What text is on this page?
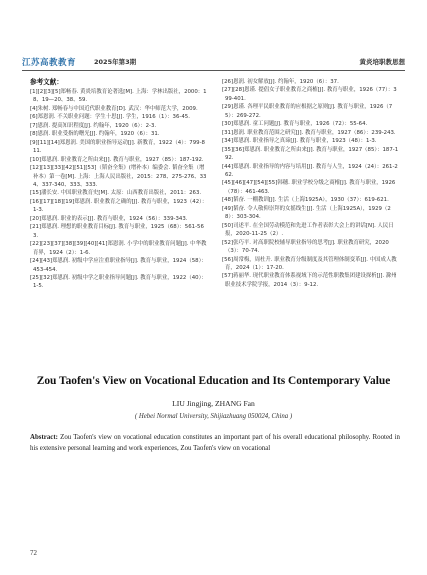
江苏高教教育	2025年第3期	黄炎培职教思想
参考文献：
[1][2][3][5]郑畅春. 黄炎培教育论著选[M]. 上海：学林出版社，2000：18、19—20、38、59.
[4]朱树. 郑畅春与中国近代职业教育[D]. 武汉：华中师范大学，2009.
[6]郑恩润. 不关职业问题：学生十思[J]. 学生，1916（1）：36-45.
[7]恩润. 提高知识程度[J]. 约翰年，1920（6）：2-3.
[8]恩润. 职业受指的曙光[J]. 约翰年，1920（6）：31.
[9][11][14]郑恩润. 美国的职业指导运动[J]. 新教育，1922（4）：799-811.
[10]郑恩润. 职业教育之所由来[J]. 教育与职业，1927（85）：187-192.
[12][13][33][42][51][53]（韬奋全集》(增补本）编委会. 韬奋全集（增补本）第一卷[M]. 上海：上海人民出版社，2015：278、275-276、334、337-340、333、333.
[15]潘长安. 中国职业教育史[M]. 太原：山西教育出版社，2011：263.
[16][17][18][19]郑恩润. 职业教育之确的[J]. 教育与职业，1923（42）：1-3.
[20]郑恩润. 职业的表示[J]. 教育与职业，1924（56）：339-343.
[21]郑恩润. 理想的职业教育目标[J]. 教育与职业，1925（68）：561-563.
[22][23][37][38][39][40][41]郑恩润. 小学中的职业教育问题[J]. 中华教育界，1924（2）：1-6.
[24][43]郑恩润. 初级中学应注重职业指导[J]. 教育与职业，1924（58）：453-454.
[25][32]郑恩润. 初级中学之职业指导问题[J]. 教育与职业，1922（40）：1-5.
[26]恩润. 初女解放[J]. 约翰年，1920（6）：37.
[27][28]恩谨. 提倡女子职业教育之商榷[J]. 教育与职业，1926（77）：399-401.
[29]恩谨. 各理平民职业教育的应根据之原则[J]. 教育与职业，1926（75）：269-272.
[30]郑恩润. 童工问题[J]. 教育与职业，1926（72）：55-64.
[31]恩润. 职业教育范围之研究[J]. 教育与职业，1927（86）：239-243.
[34]郑恩润. 职业指导之真谛[J]. 教育与职业，1923（48）：1-3.
[35][36]郑恩润. 职业教育之所由来[J]. 教育与职业，1927（85）：187-192.
[44]郑恩润. 职业指导的内容与培用[J]. 教育与人生，1924（24）：261-262.
[45][46][47][54][55]韩穗. 职业学校分级之商榷[J]. 教育与职业，1926（78）：461-463.
[48]韬奋. 一棚教训[J]. 生活（上海1925A），1930（37）：619-621.
[49]韬奋. 令人敬仰崇拜的女摇线生[J]. 生活（上海1925A），1929（28）：303-304.
[50]司述平. 在全国劳动模范和先进工作者表彰大会上的讲话[N]. 人民日报，2020-11-25（2）.
[52]张巧平. 对高职院校辅导职业指导的思考[J]. 职业教育研究，2020（3）：70-74.
[56]周常梅，周杜升. 职业教育分级制度及其管理体制变革[J]. 中国成人教育，2024（1）：17-20.
[57]蒋丽华. 现代职业教育体系视域下的示范性职教集团建设探析[J]. 滁州职业技术学院学报，2014（3）：9-12.
Zou Taofen's View on Vocational Education and Its Contemporary Value
LIU Jingjing, ZHANG Fan
( Hebei Normal University, Shijiazhuang 050024, China )
Abstract: Zou Taofen's view on vocational education constitutes an important part of his overall educational philosophy. Rooted in his extensive personal learning and work experiences, Zou Taofen's view on vocational
72
